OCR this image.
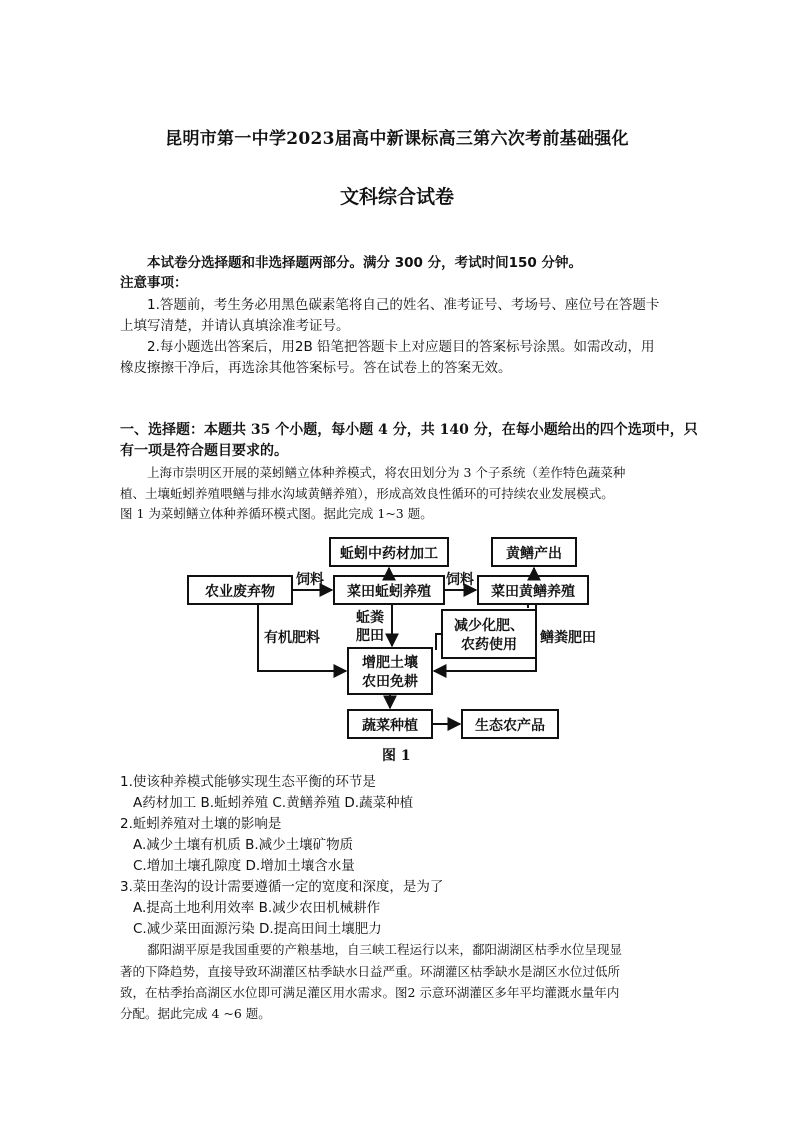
昆明市第一中学2023届高中新课标高三第六次考前基础强化
文科综合试卷
本试卷分选择题和非选择题两部分。满分 300 分，考试时间150 分钟。
注意事项：
1.答题前，考生务必用黑色碳素笔将自己的姓名、准考证号、考场号、座位号在答题卡
上填写清楚，并请认真填涂准考证号。
2.每小题选出答案后，用2B 铅笔把答题卡上对应题目的答案标号涂黑。如需改动，用
橡皮擦擦干净后，再选涂其他答案标号。答在试卷上的答案无效。
一、选择题：本题共 35 个小题，每小题 4 分，共 140 分，在每小题给出的四个选项中，只
有一项是符合题目要求的。
上海市崇明区开展的菜蚓鳝立体种养模式，将农田划分为 3 个子系统（差作特色蔬菜种
植、土壤蚯蚓养殖喂鳝与排水沟域黄鳝养殖），形成高效良性循环的可持续农业发展模式。
图 1 为菜蚓鳝立体种养循环模式图。据此完成 1~3 题。
蚯蚓中药材加工	黄鳝产出
农业废弃物	菜田蚯蚓养殖	菜田黄鳝养殖
减少化肥、
农药使用
增肥土壤
农田免耕
蔬菜种植	生态农产品
饲料	饲料
有机肥料
蚯粪
肥田	鳝粪肥田
图 1
1.使该种养模式能够实现生态平衡的环节是
A药材加工 B.蚯蚓养殖 C.黄鳝养殖 D.蔬菜种植
2.蚯蚓养殖对土壤的影响是
A.减少土壤有机质 B.减少土壤矿物质
C.增加土壤孔隙度 D.增加土壤含水量
3.菜田垄沟的设计需要遵循一定的宽度和深度，是为了
A.提高土地利用效率 B.减少农田机械耕作
C.减少菜田面源污染 D.提高田间土壤肥力
鄱阳湖平原是我国重要的产粮基地，自三峡工程运行以来，鄱阳湖湖区枯季水位呈现显
著的下降趋势，直接导致环湖灌区枯季缺水日益严重。环湖灌区枯季缺水是湖区水位过低所
致，在枯季抬高湖区水位即可满足灌区用水需求。图2 示意环湖灌区多年平均灌溉水量年内
分配。据此完成 4 ~6 题。
